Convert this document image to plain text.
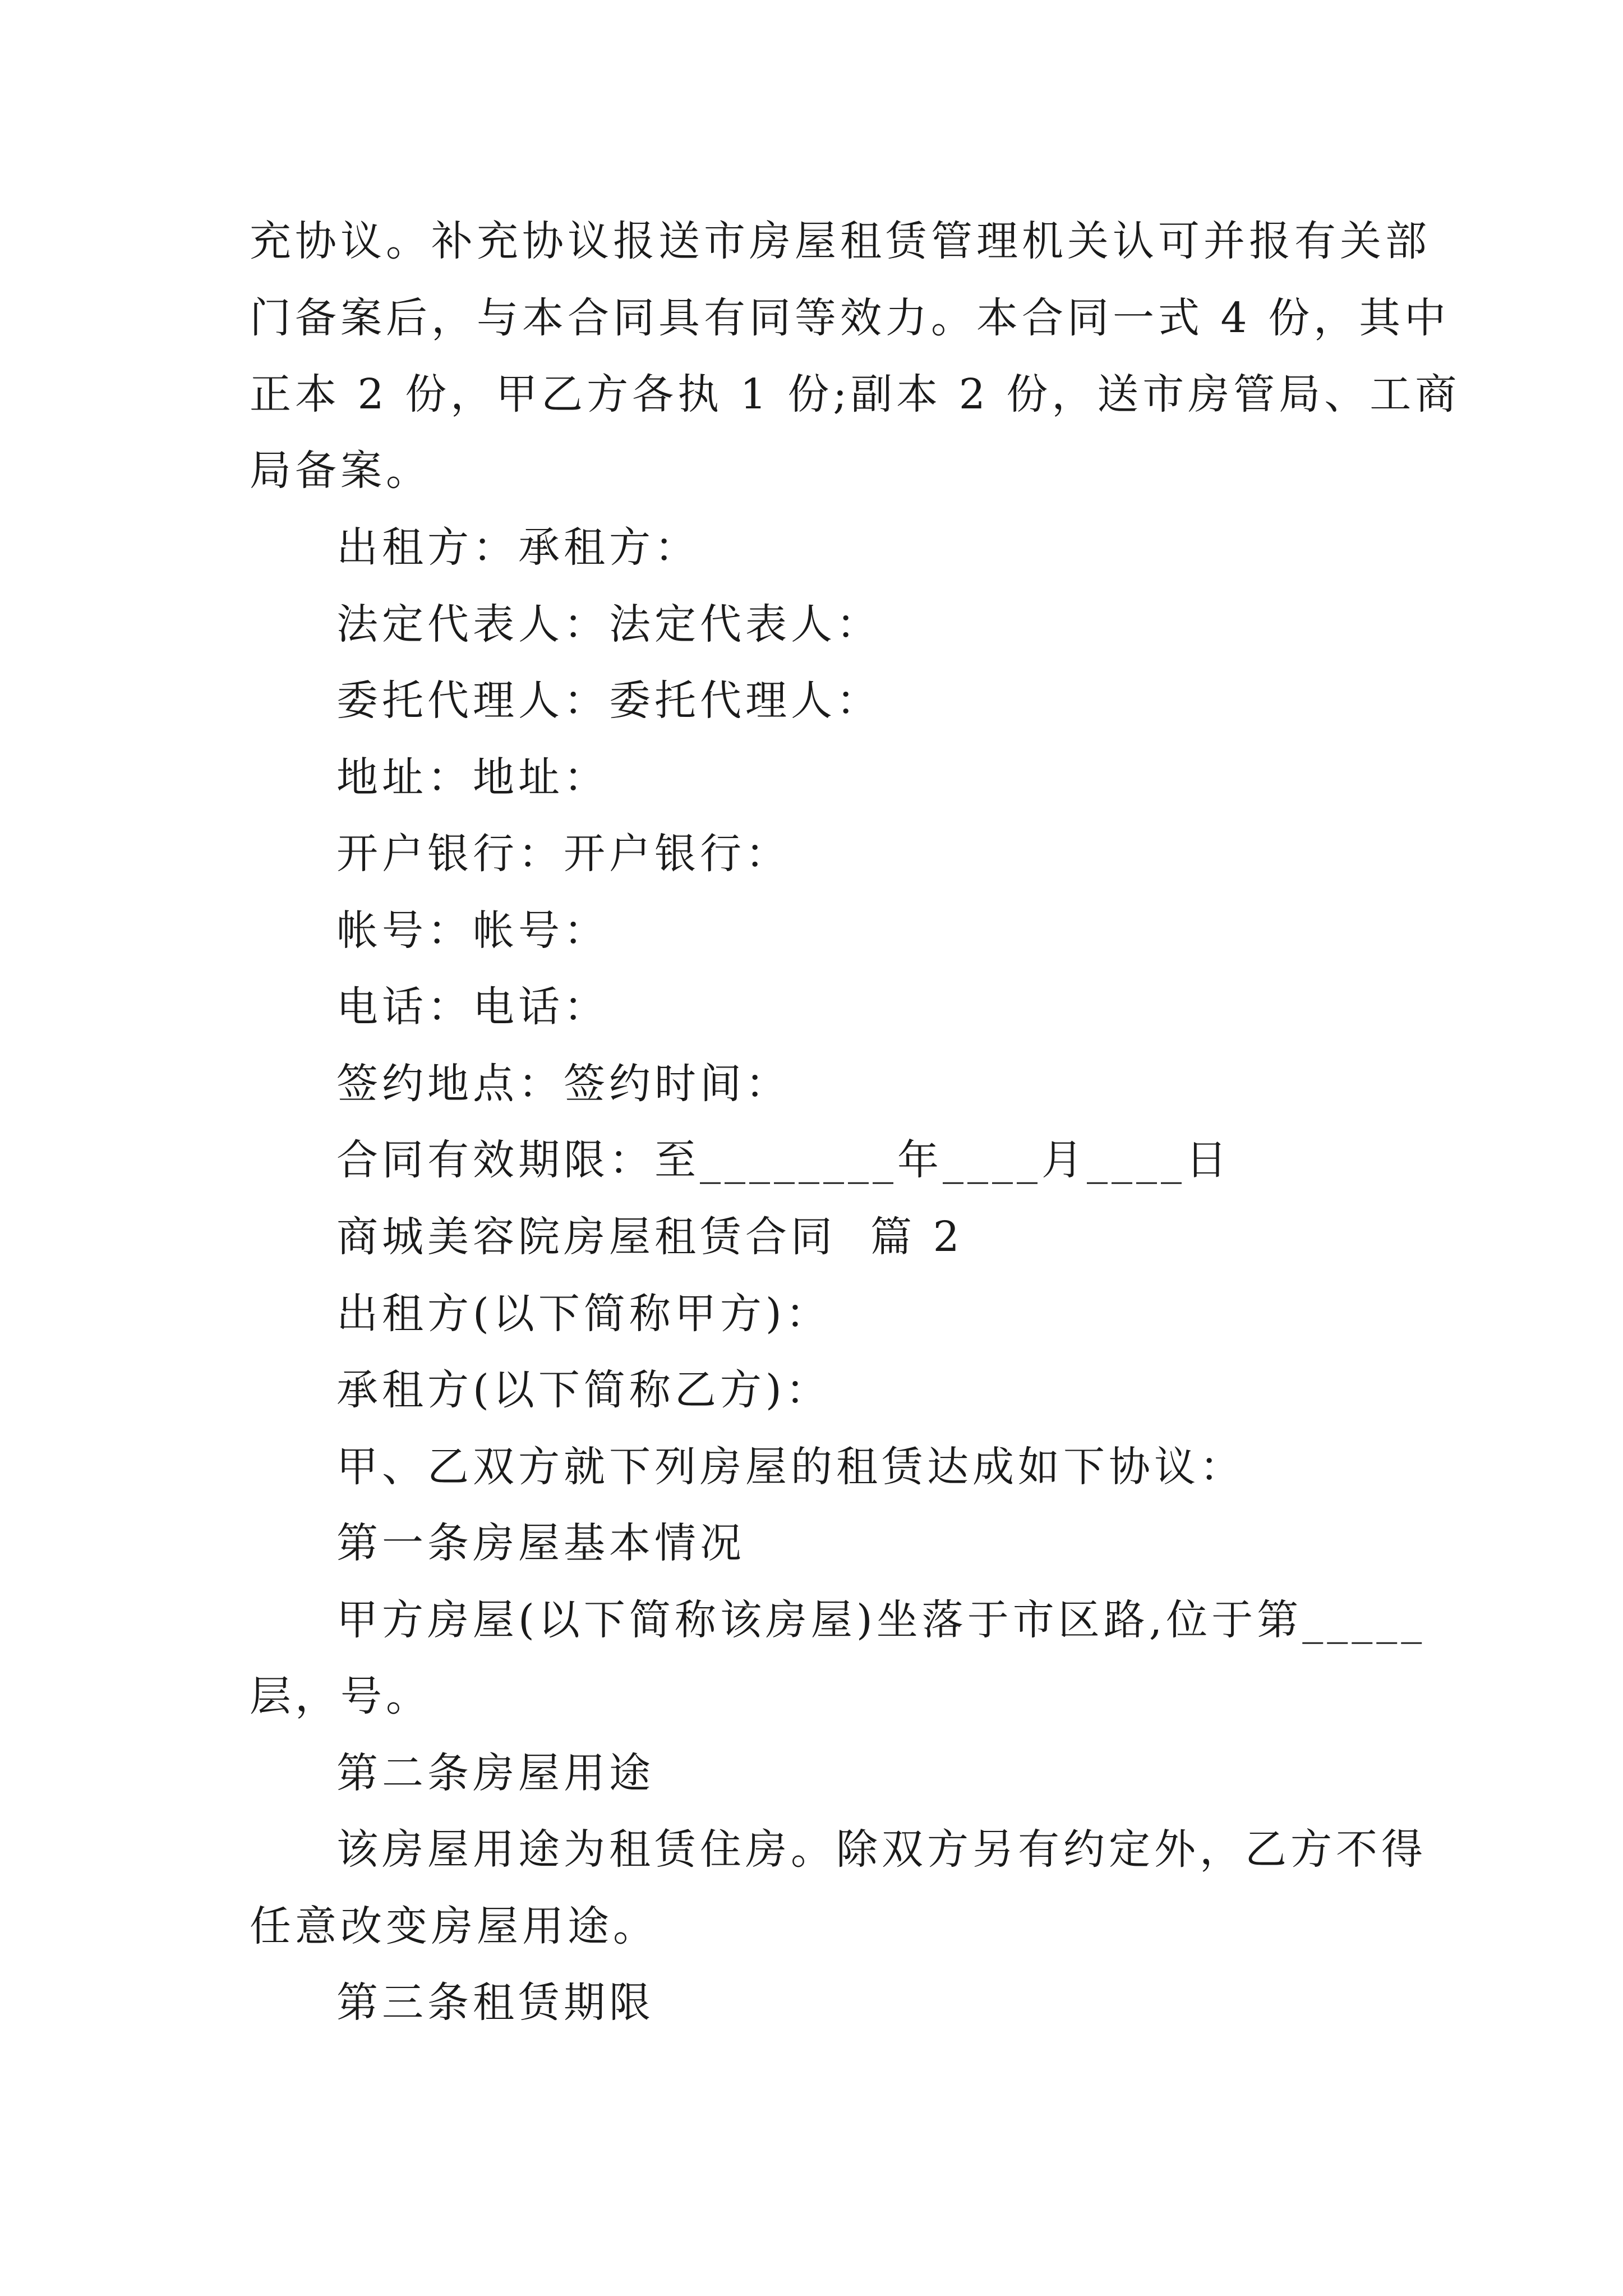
充协议。补充协议报送市房屋租赁管理机关认可并报有关部
门备案后，与本合同具有同等效力。本合同一式 4 份，其中
正本 2 份，甲乙方各执 1 份;副本 2 份，送市房管局、工商
局备案。
出租方：承租方：
法定代表人：法定代表人：
委托代理人：委托代理人：
地址：地址：
开户银行：开户银行：
帐号：帐号：
电话：电话：
签约地点：签约时间：
合同有效期限：至________年____月____日
商城美容院房屋租赁合同  篇 2
出租方(以下简称甲方)：
承租方(以下简称乙方)：
甲、乙双方就下列房屋的租赁达成如下协议：
第一条房屋基本情况
甲方房屋(以下简称该房屋)坐落于市区路,位于第_____
层，号。
第二条房屋用途
该房屋用途为租赁住房。除双方另有约定外，乙方不得
任意改变房屋用途。
第三条租赁期限
